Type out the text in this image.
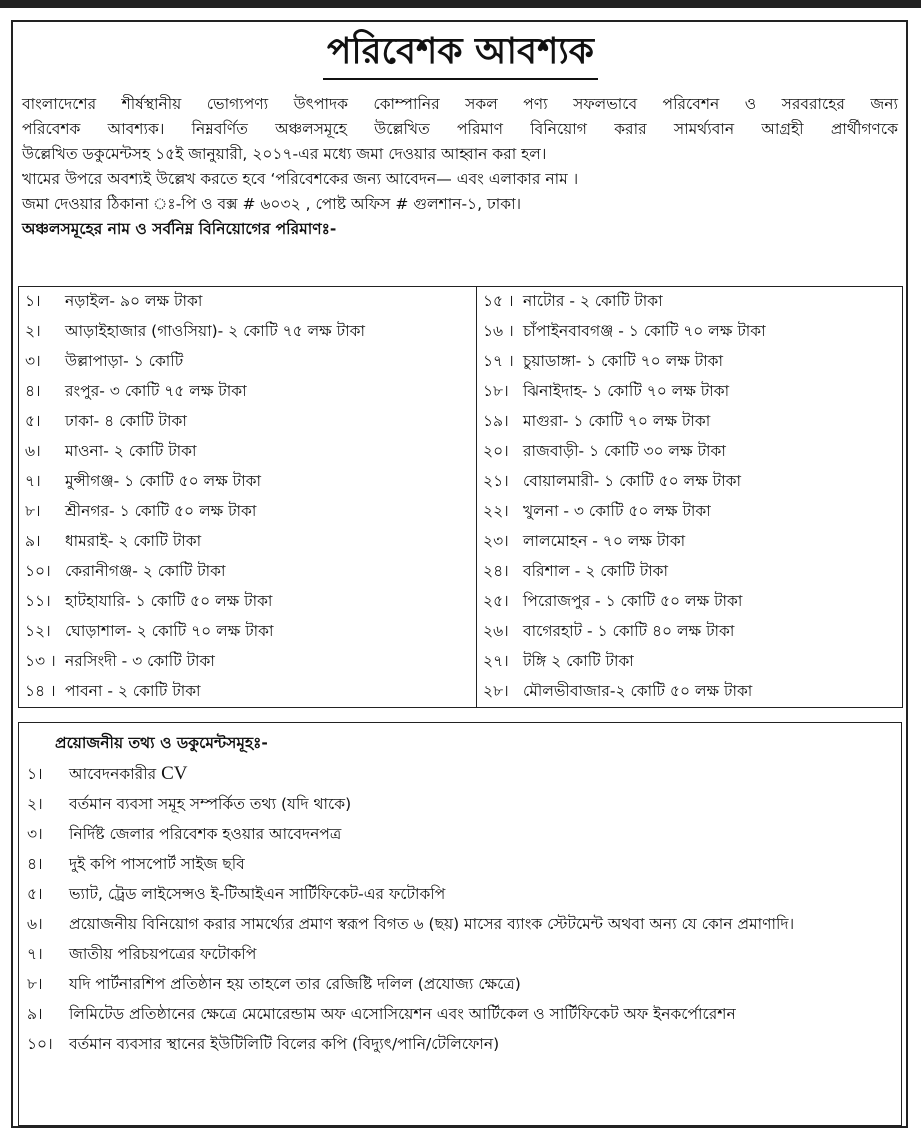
পরিবেশক আবশ্যক

বাংলাদেশের শীর্ষস্থানীয় ভোগ্যপণ্য উৎপাদক কোম্পানির সকল পণ্য সফলভাবে পরিবেশন ও সরবরাহের জন্য

পরিবেশক আবশ্যক। নিম্নবর্ণিত অঞ্চলসমূহে উল্লেখিত পরিমাণ বিনিয়োগ করার সামর্থ্যবান আগ্রহী প্রার্থীগণকে

উল্লেখিত ডকুমেন্টসহ ১৫ই জানুয়ারী, ২০১৭-এর মধ্যে জমা দেওয়ার আহ্বান করা হল।

খামের উপরে অবশ্যই উল্লেখ করতে হবে ‘পরিবেশকের জন্য আবেদন— এবং এলাকার নাম ।

জমা দেওয়ার ঠিকানা ঃ-পি ও বক্স # ৬০৩২ , পোষ্ট অফিস # গুলশান-১, ঢাকা।

অঞ্চলসমূহের নাম ও সর্বনিম্ন বিনিয়োগের পরিমাণঃ-

১। নড়াইল- ৯০ লক্ষ টাকা	১৫ । নাটোর - ২ কোটি টাকা
২। আড়াইহাজার (গাওসিয়া)- ২ কোটি ৭৫ লক্ষ টাকা	১৬ । চাঁপাইনবাবগঞ্জ - ১ কোটি ৭০ লক্ষ টাকা
৩। উল্লাপাড়া- ১ কোটি	১৭ । চুয়াডাঙ্গা- ১ কোটি ৭০ লক্ষ টাকা
৪। রংপুর- ৩ কোটি ৭৫ লক্ষ টাকা	১৮। ঝিনাইদাহ- ১ কোটি ৭০ লক্ষ টাকা
৫। ঢাকা- ৪ কোটি টাকা	১৯। মাগুরা- ১ কোটি ৭০ লক্ষ টাকা
৬। মাওনা- ২ কোটি টাকা	২০। রাজবাড়ী- ১ কোটি ৩০ লক্ষ টাকা
৭। মুন্সীগঞ্জ- ১ কোটি ৫০ লক্ষ টাকা	২১। বোয়ালমারী- ১ কোটি ৫০ লক্ষ টাকা
৮। শ্রীনগর- ১ কোটি ৫০ লক্ষ টাকা	২২। খুলনা - ৩ কোটি ৫০ লক্ষ টাকা
৯। ধামরাই- ২ কোটি টাকা	২৩। লালমোহন - ৭০ লক্ষ টাকা
১০। কেরানীগঞ্জ- ২ কোটি টাকা	২৪। বরিশাল - ২ কোটি টাকা
১১। হাটহাযারি- ১ কোটি ৫০ লক্ষ টাকা	২৫। পিরোজপুর - ১ কোটি ৫০ লক্ষ টাকা
১২। ঘোড়াশাল- ২ কোটি ৭০ লক্ষ টাকা	২৬। বাগেরহাট - ১ কোটি ৪০ লক্ষ টাকা
১৩ । নরসিংদী - ৩ কোটি টাকা	২৭। টঙ্গি ২ কোটি টাকা
১৪ । পাবনা - ২ কোটি টাকা	২৮। মৌলভীবাজার-২ কোটি ৫০ লক্ষ টাকা
প্রয়োজনীয় তথ্য ও ডকুমেন্টসমূহঃ-
১।	আবেদনকারীর CV
২।	বর্তমান ব্যবসা সমূহ সম্পর্কিত তথ্য (যদি থাকে)
৩।	নির্দিষ্ট জেলার পরিবেশক হওয়ার আবেদনপত্র
৪।	দুই কপি পাসপোর্ট সাইজ ছবি
৫।	ভ্যাট, ট্রেড লাইসেন্সও ই-টিআইএন সার্টিফিকেট-এর ফটোকপি
৬।	প্রয়োজনীয় বিনিয়োগ করার সামর্থ্যের প্রমাণ স্বরূপ বিগত ৬ (ছয়) মাসের ব্যাংক স্টেটমেন্ট অথবা অন্য যে কোন প্রমাণাদি।
৭।	জাতীয় পরিচয়পত্রের ফটোকপি
৮।	যদি পার্টনারশিপ প্রতিষ্ঠান হয় তাহলে তার রেজিষ্টি দলিল (প্রযোজ্য ক্ষেত্রে)
৯।	লিমিটেড প্রতিষ্ঠানের ক্ষেত্রে মেমোরেন্ডাম অফ এসোসিয়েশন এবং আর্টিকেল ও সার্টিফিকেট অফ ইনকর্পোরেশন
১০।	বর্তমান ব্যবসার স্থানের ইউটিলিটি বিলের কপি (বিদ্যুৎ/পানি/টেলিফোন)
